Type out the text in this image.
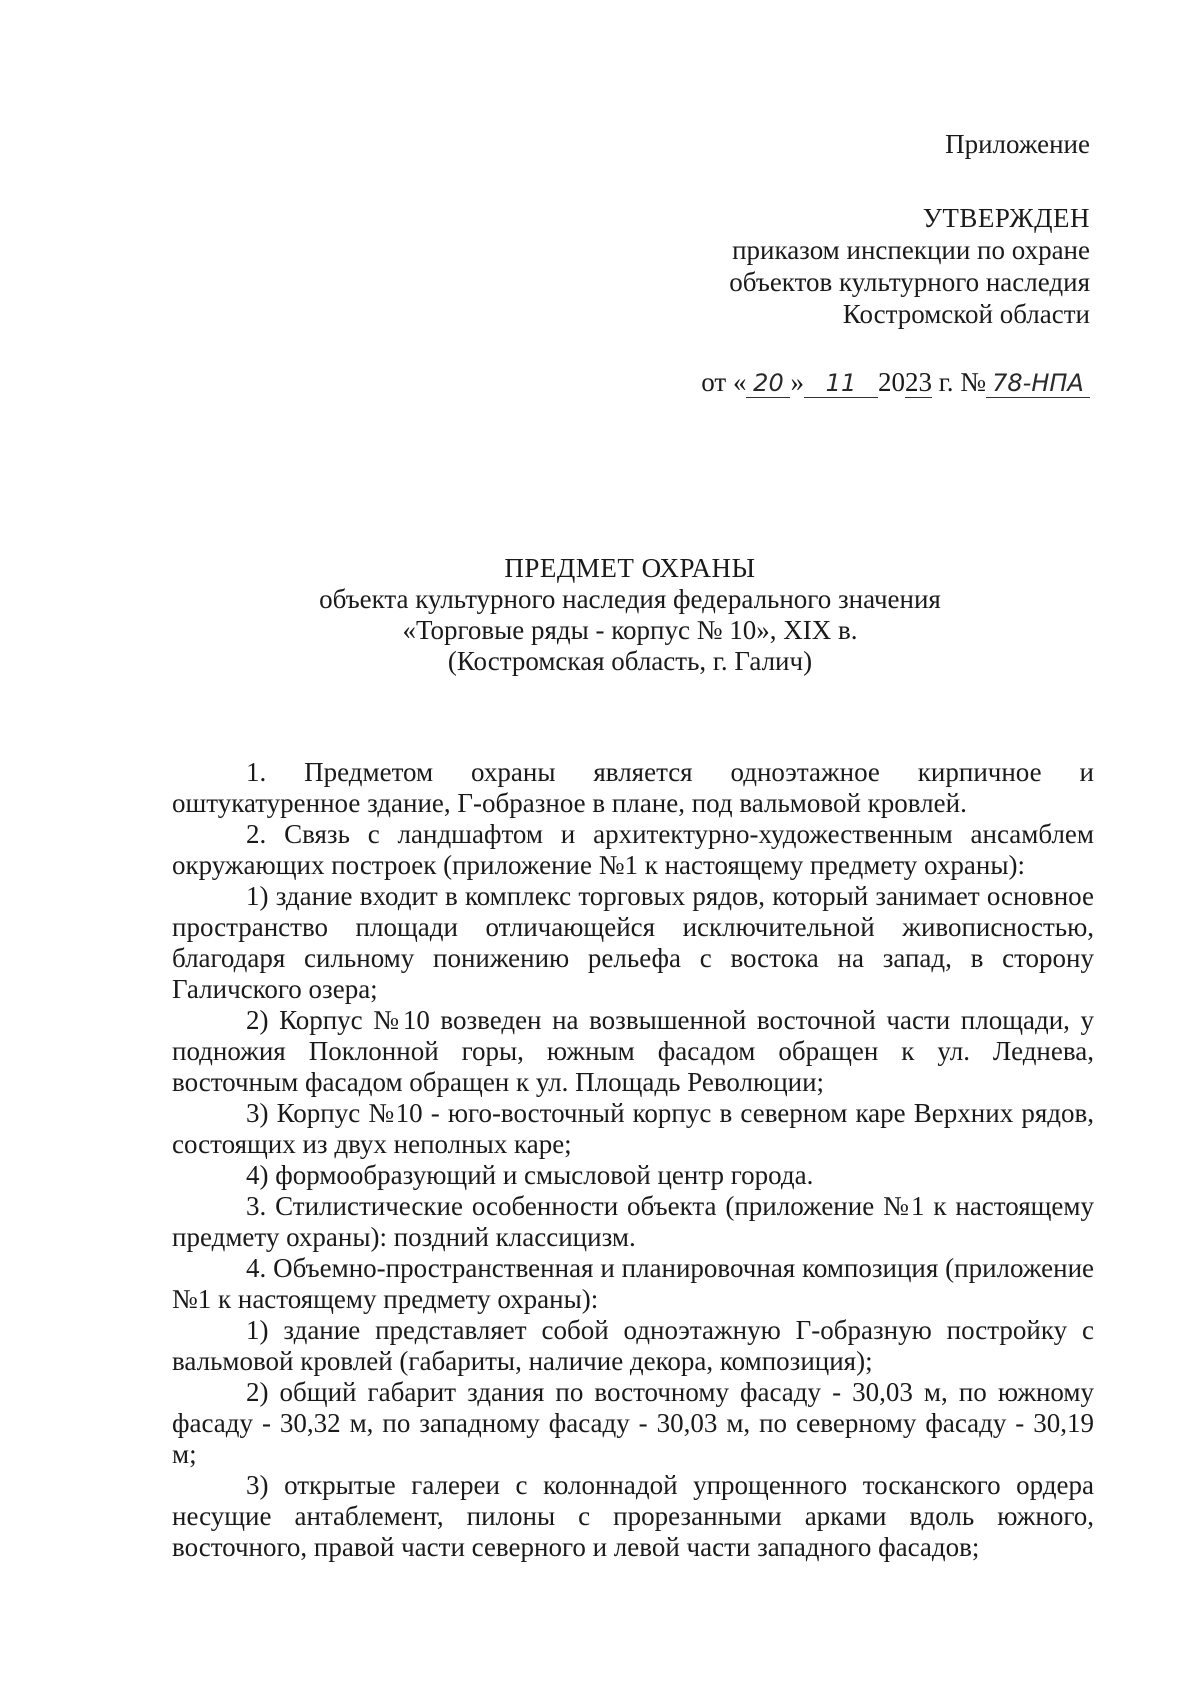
Приложение
УТВЕРЖДЕН
приказом инспекции по охране
объектов культурного наследия
Костромской области
от « 20 » 11 2023 г. № 78-НПА
ПРЕДМЕТ ОХРАНЫ
объекта культурного наследия федерального значения
«Торговые ряды - корпус № 10», XIX в.
(Костромская область, г. Галич)

1. Предметом охраны является одноэтажное кирпичное и оштукатуренное здание, Г-образное в плане, под вальмовой кровлей.

2. Связь с ландшафтом и архитектурно-художественным ансамблем окружающих построек (приложение №1 к настоящему предмету охраны):

1) здание входит в комплекс торговых рядов, который занимает основное пространство площади отличающейся исключительной живописностью, благодаря сильному понижению рельефа с востока на запад, в сторону Галичского озера;

2) Корпус №10 возведен на возвышенной восточной части площади, у подножия Поклонной горы, южным фасадом обращен к ул. Леднева, восточным фасадом обращен к ул. Площадь Революции;

3) Корпус №10 - юго-восточный корпус в северном каре Верхних рядов, состоящих из двух неполных каре;

4) формообразующий и смысловой центр города.

3. Стилистические особенности объекта (приложение №1 к настоящему предмету охраны): поздний классицизм.

4. Объемно-пространственная и планировочная композиция (приложение №1 к настоящему предмету охраны):

1) здание представляет собой одноэтажную Г-образную постройку с вальмовой кровлей (габариты, наличие декора, композиция);

2) общий габарит здания по восточному фасаду - 30,03 м, по южному фасаду - 30,32 м, по западному фасаду - 30,03 м, по северному фасаду - 30,19 м;

3) открытые галереи с колоннадой упрощенного тосканского ордера несущие антаблемент, пилоны с прорезанными арками вдоль южного, восточного, правой части северного и левой части западного фасадов;
